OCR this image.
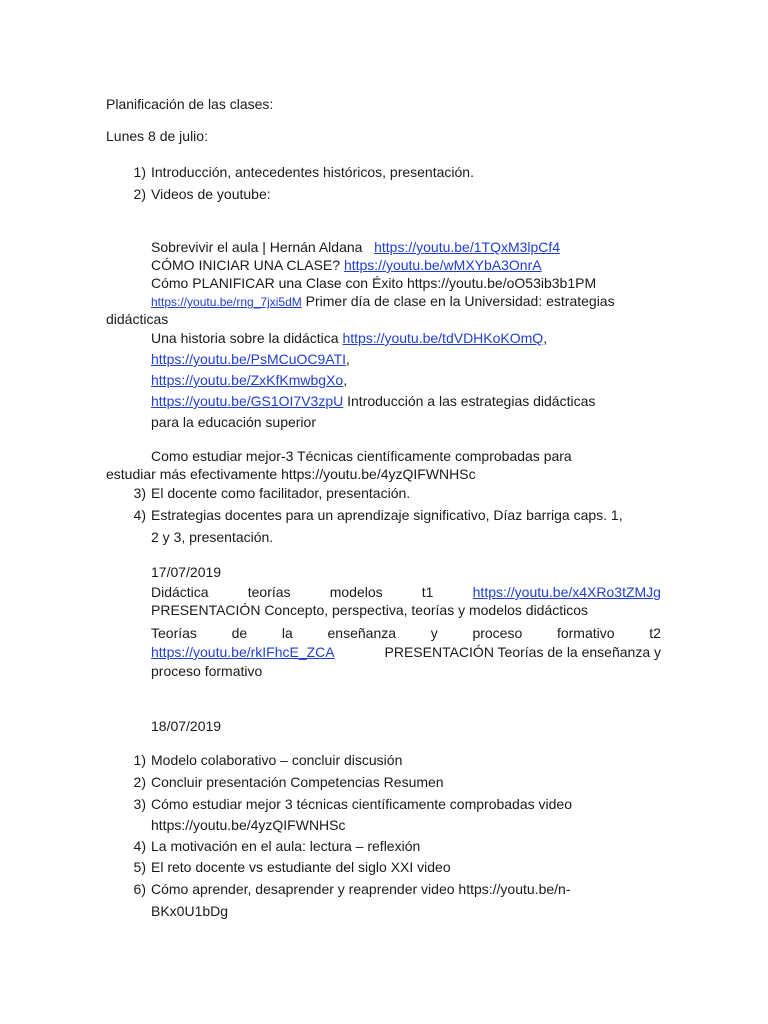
Planificación de las clases:
Lunes 8 de julio:
1) Introducción, antecedentes históricos, presentación.
2) Videos de youtube:
Sobrevivir el aula | Hernán Aldana https://youtu.be/1TQxM3lpCf4
CÓMO INICIAR UNA CLASE? https://youtu.be/wMXYbA3OnrA
Cómo PLANIFICAR una Clase con Éxito https://youtu.be/oO53ib3b1PM
https://youtu.be/rng_7jxi5dM Primer día de clase en la Universidad: estrategias
didácticas
Una historia sobre la didáctica https://youtu.be/tdVDHKoKOmQ,
https://youtu.be/PsMCuOC9ATI,
https://youtu.be/ZxKfKmwbgXo,
https://youtu.be/GS1OI7V3zpU Introducción a las estrategias didácticas
para la educación superior
Como estudiar mejor-3 Técnicas científicamente comprobadas para
estudiar más efectivamente https://youtu.be/4yzQIFWNHSc
3) El docente como facilitador, presentación.
4) Estrategias docentes para un aprendizaje significativo, Díaz barriga caps. 1,
2 y 3, presentación.
17/07/2019
Didáctica	teorías	modelos	t1	https://youtu.be/x4XRo3tZMJg
PRESENTACIÓN Concepto, perspectiva, teorías y modelos didácticos
Teorías de la enseñanza y proceso formativo t2
https://youtu.be/rkIFhcE_ZCA	PRESENTACIÓN Teorías de la enseñanza y
proceso formativo
18/07/2019
1) Modelo colaborativo – concluir discusión
2) Concluir presentación Competencias Resumen
3) Cómo estudiar mejor 3 técnicas científicamente comprobadas video
https://youtu.be/4yzQIFWNHSc
4) La motivación en el aula: lectura – reflexión
5) El reto docente vs estudiante del siglo XXI video
6) Cómo aprender, desaprender y reaprender video https://youtu.be/n-
BKx0U1bDg
